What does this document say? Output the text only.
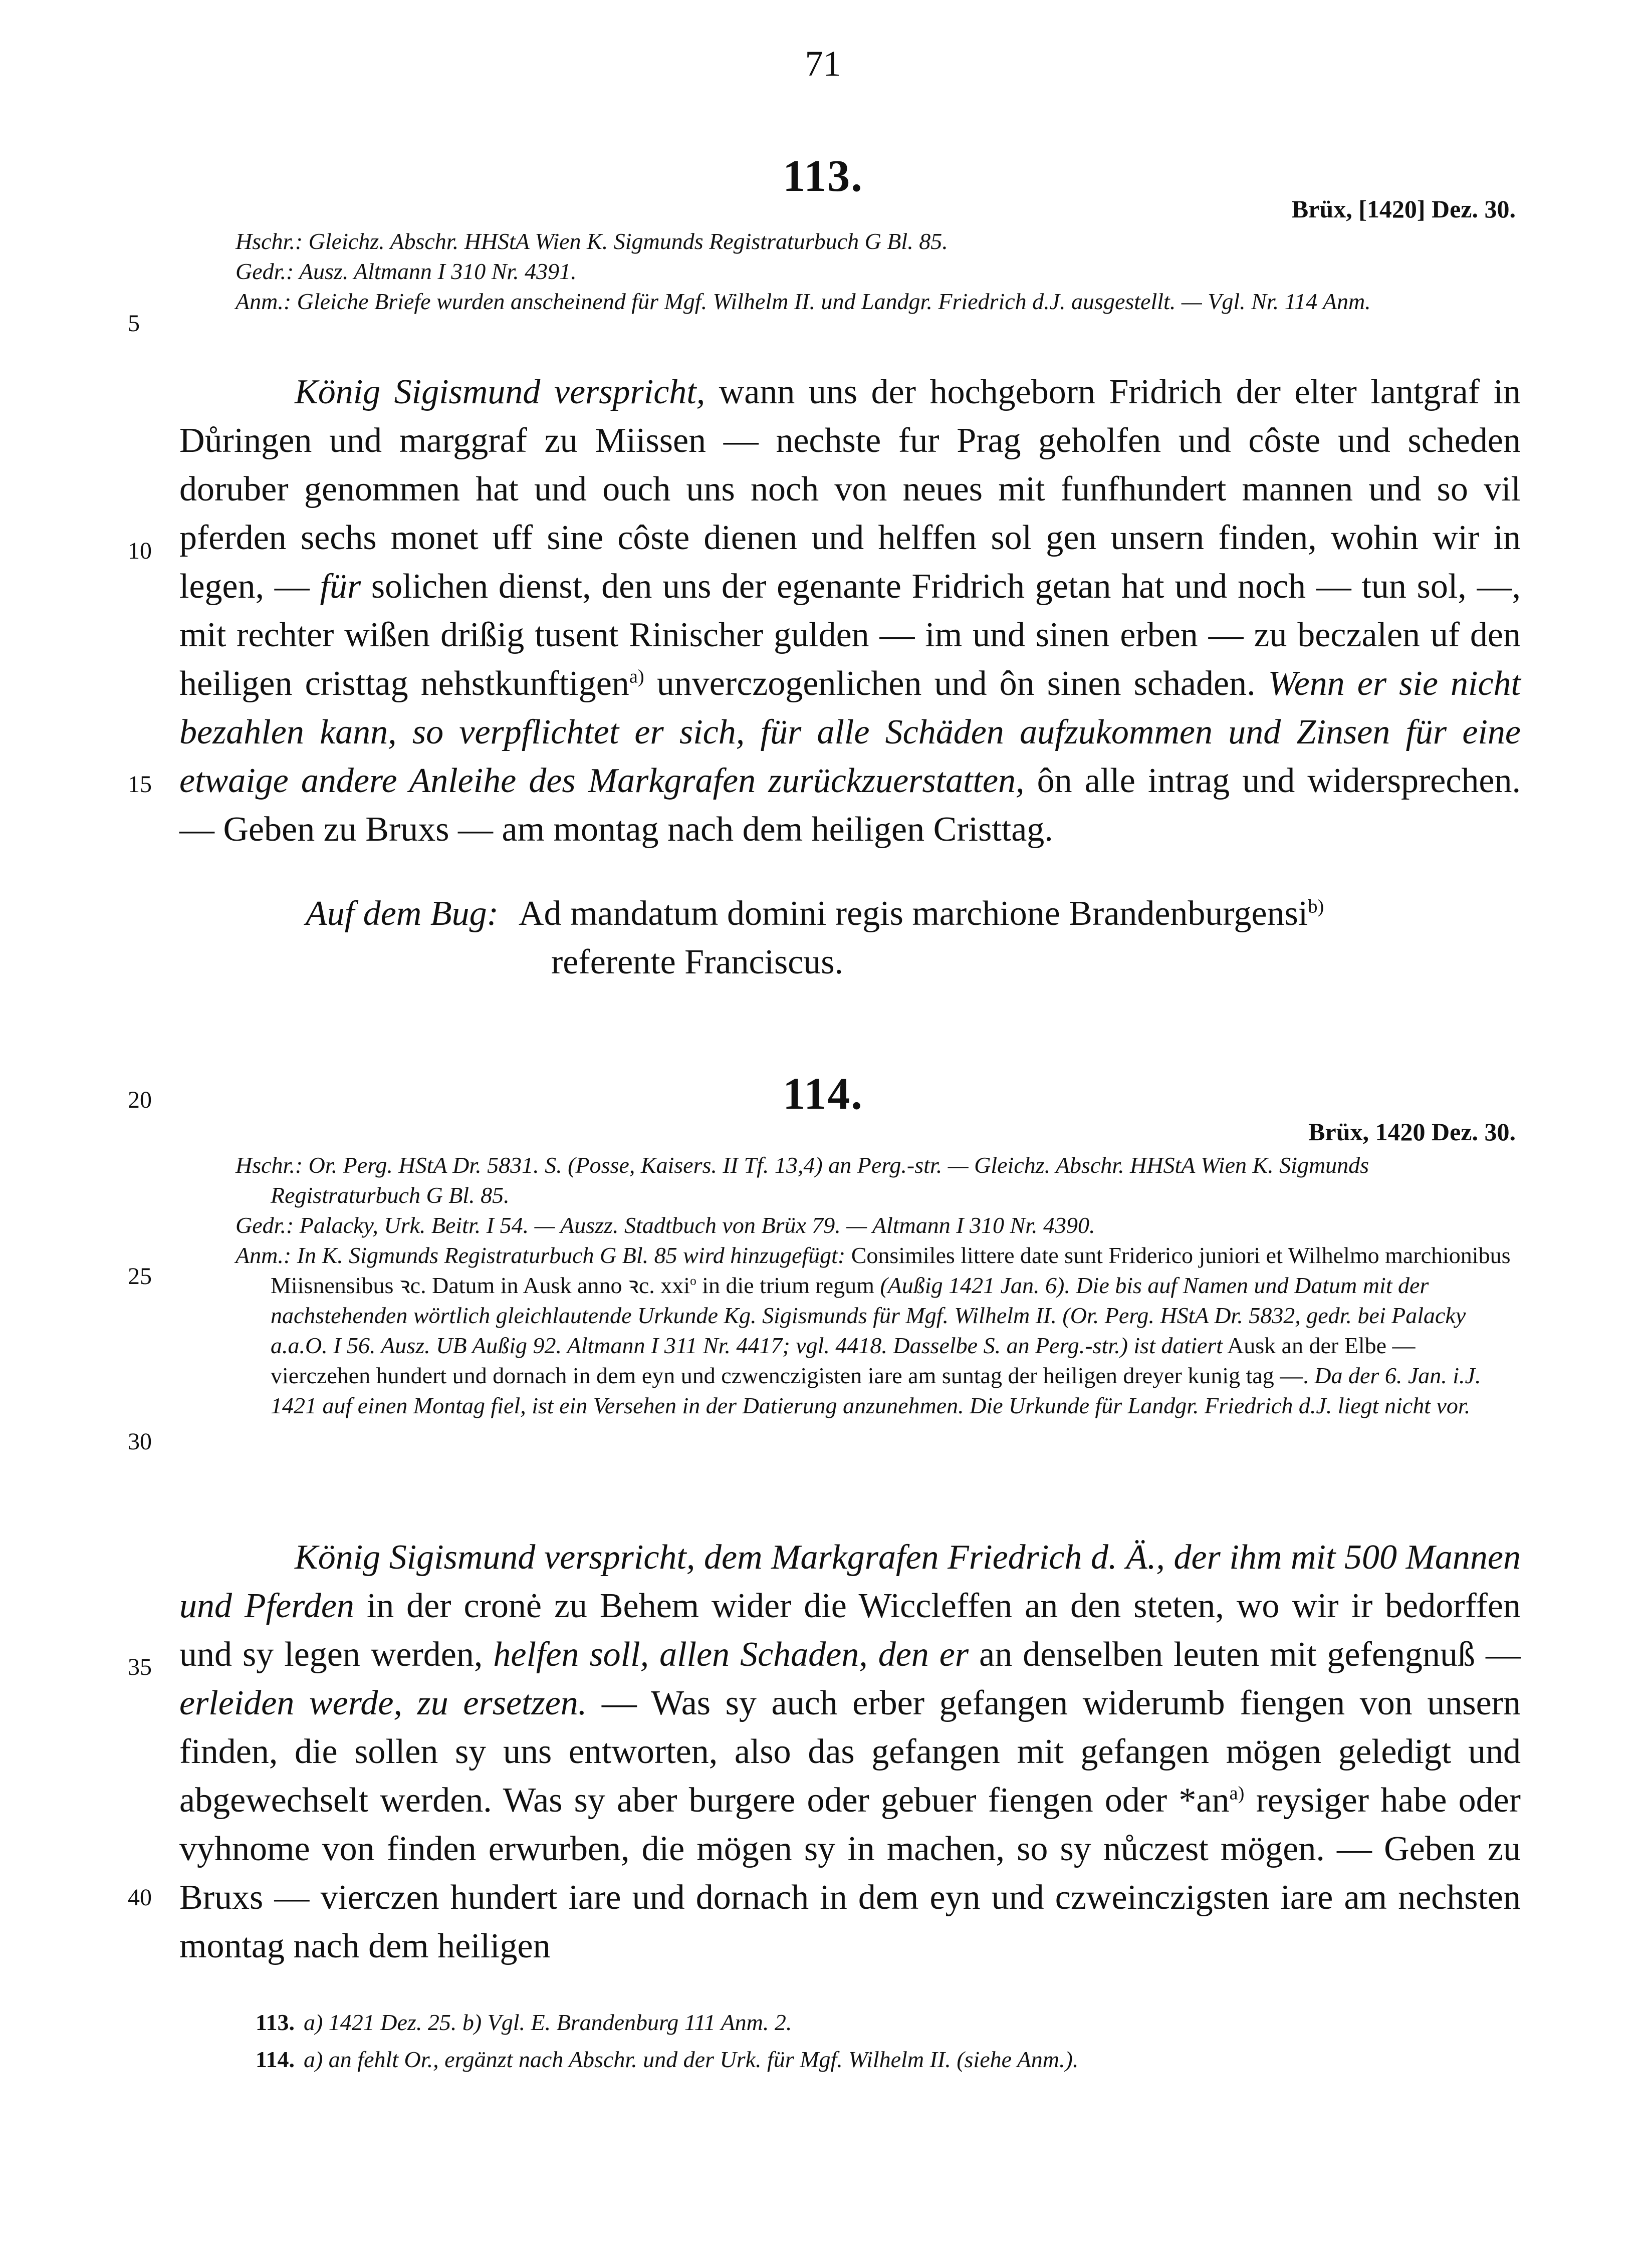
71
5
10
15
20
25
30
35
40
113.
Brüx, [1420] Dez. 30.

Hschr.: Gleichz. Abschr. HHStA Wien K. Sigmunds Registraturbuch G Bl. 85.

Gedr.: Ausz. Altmann I 310 Nr. 4391.

Anm.: Gleiche Briefe wurden anscheinend für Mgf. Wilhelm II. und Landgr. Friedrich d.J. ausgestellt. — Vgl. Nr. 114 Anm.

König Sigismund verspricht, wann uns der hochgeborn Fridrich der elter lantgraf in Důringen und marggraf zu Miissen — nechste fur Prag geholfen und côste und scheden doruber genommen hat und ouch uns noch von neues mit funfhundert mannen und so vil pferden sechs monet uff sine côste dienen und helffen sol gen unsern finden, wohin wir in legen, — für solichen dienst, den uns der egenante Fridrich getan hat und noch — tun sol, —, mit rechter wißen drißig tusent Rinischer gulden — im und sinen erben — zu beczalen uf den heiligen cristtag nehstkunftigen$^{a)}$ unverczogenlichen und ôn sinen schaden. Wenn er sie nicht bezahlen kann, so verpflichtet er sich, für alle Schäden aufzukommen und Zinsen für eine etwaige andere Anleihe des Markgrafen zurückzuerstatten, ôn alle intrag und widersprechen. — Geben zu Bruxs — am montag nach dem heiligen Cristtag.

Auf dem Bug: Ad mandatum domini regis marchione Brandenburgensi$^{b)}$
referente Franciscus.
114.
Brüx, 1420 Dez. 30.

Hschr.: Or. Perg. HStA Dr. 5831. S. (Posse, Kaisers. II Tf. 13,4) an Perg.-str. — Gleichz. Abschr. HHStA Wien K. Sigmunds Registraturbuch G Bl. 85.

Gedr.: Palacky, Urk. Beitr. I 54. — Auszz. Stadtbuch von Brüx 79. — Altmann I 310 Nr. 4390.

Anm.: In K. Sigmunds Registraturbuch G Bl. 85 wird hinzugefügt: Consimiles littere date sunt Friderico juniori et Wilhelmo marchionibus Miisnensibus ꝛc. Datum in Ausk anno ꝛc. xxi$^o$ in die trium regum (Außig 1421 Jan. 6). Die bis auf Namen und Datum mit der nachstehenden wörtlich gleichlautende Urkunde Kg. Sigismunds für Mgf. Wilhelm II. (Or. Perg. HStA Dr. 5832, gedr. bei Palacky a.a.O. I 56. Ausz. UB Außig 92. Altmann I 311 Nr. 4417; vgl. 4418. Dasselbe S. an Perg.-str.) ist datiert Ausk an der Elbe — vierczehen hundert und dornach in dem eyn und czwenczigisten iare am suntag der heiligen dreyer kunig tag —. Da der 6. Jan. i.J. 1421 auf einen Montag fiel, ist ein Versehen in der Datierung anzunehmen. Die Urkunde für Landgr. Friedrich d.J. liegt nicht vor.

König Sigismund verspricht, dem Markgrafen Friedrich d. Ä., der ihm mit 500 Mannen und Pferden in der cronė zu Behem wider die Wiccleffen an den steten, wo wir ir bedorffen und sy legen werden, helfen soll, allen Schaden, den er an denselben leuten mit gefengnuß — erleiden werde, zu ersetzen. — Was sy auch erber gefangen widerumb fiengen von unsern finden, die sollen sy uns entworten, also das gefangen mit gefangen mögen geledigt und abgewechselt werden. Was sy aber burgere oder gebuer fiengen oder $*an^{a)}$ reysiger habe oder vyhnome von finden erwurben, die mögen sy in machen, so sy nůczest mögen. — Geben zu Bruxs — vierczen hundert iare und dornach in dem eyn und czweinczigsten iare am nechsten montag nach dem heiligen

113. a) 1421 Dez. 25. b) Vgl. E. Brandenburg 111 Anm. 2.

114. a) an fehlt Or., ergänzt nach Abschr. und der Urk. für Mgf. Wilhelm II. (siehe Anm.).
